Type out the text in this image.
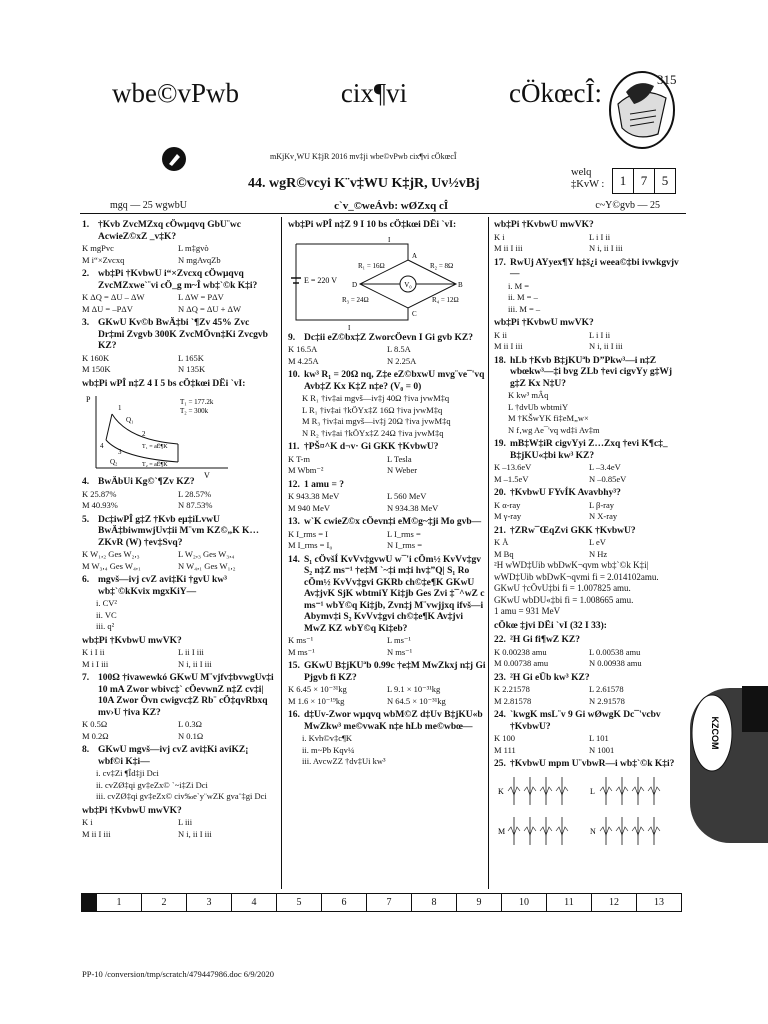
wbe©vPwb	cix¶vi	cÖkœcÎ:	315
mKjKv¸WU K‡jR 2016 mv‡ji wbe©vPwb cix¶vi cÖkœcÎ
welq ‡KvW :	1	7	5
44. wgR©vcyi K¨v‡WU K‡jR, Uv½vBj
mgq — 25 wgwbU	c`v_©weÁvb: wØZxq cÎ	c~Y©gvb — 25
1. †Kvb ZvcMZxq cÖwµqvq GbU¨wc AcwieZ©xZ _v‡K?
K mgPvc	L m‡gvò
M i“×Zvcxq	N mgAvqZb
2. wb‡Pi †KvbwU i“×Zvcxq cÖwµqvq ZvcMZxwe`¨vi cÖ_g m~Î wb‡`©k K‡i?
K ΔQ = ΔU – ΔW	L ΔW = PΔV
M ΔU = –PΔV	N ΔQ = ΔU + ΔW
3. GKwU Kv©b BwÄ‡bi `¶Zv 45% Zvc Dr‡mi Zvgvb 300K ZvcMÖvn‡Ki Zvcgvb KZ?
K 160K	L 165K
M 150K	N 135K
wb‡Pi wPÎ n‡Z 4 I 5 bs cÖ‡kœi DËi `vI:
P
V
1
2
3
4
Q₁
Q₂
T₁ = 177.2k
T₂ = 300k
T₁ = aË¶K
T₂ = aË¶K
4. BwÄbUi Kg©`¶Zv KZ?
K 25.87%	L 28.57%
M 40.93%	N 87.53%
5. Dc‡iwPÎ g‡Z †Kvb eµ‡iLvwU BwÄ‡biwmwjUv‡ii M¨vm KZ©„K K…ZKvR (W) †ev‡Svq?
K W₁,₂ Ges W₂,₃	L W₂,₃ Ges W₃,₄
M W₃,₄ Ges W₄,₁	N W₄,₁ Ges W₁,₂
6. mgvš—ivj cvZ avi‡Ki †gvU kw³ wb‡`©kKvix mgxKiY—
i. CV²
ii. VC
iii. q²
wb‡Pi †KvbwU mwVK?
K i I ii	L ii I iii
M i I iii	N i, ii I iii
7. 100Ω †ivawewkó GKwU M¨vjfv‡bvwgUv‡i 10 mA Zwor wbivc‡` cÖevwnZ n‡Z cv‡i| 10A Zwor Övn cwigvc‡Z Rb¨ cÖ‡qvRbxq mv›U †iva KZ?
K 0.5Ω	L 0.3Ω
M 0.2Ω	N 0.1Ω
8. GKwU mgvš—ivj cvZ avi‡Ki aviKZ¡ wbf©i K‡i—
i. cv‡Zi ¶Îd‡ji Dci
ii. cvZØ‡qi gv‡eZx© `~i‡Zi Dci
iii. cvZØ‡qi gv‡eZx© civ‰e`y¨wZK gva¨‡gi Dci
wb‡Pi †KvbwU mwVK?
K i	L iii
M ii I iii	N i, ii I iii
wb‡Pi wPÎ n‡Z 9 I 10 bs cÖ‡kœi DËi `vI:
E = 220 V	V₀
R₁ = 16Ω	R₂ = 8Ω
R₃ = 24Ω	R₄ = 12Ω
A
B
C
D
I
I
9. Dc‡ii eZ©bx‡Z ZworcÖevn I Gi gvb KZ?
K 16.5A	L 8.5A
M 4.25A	N 2.25A
10. kw³ R₁ = 20Ω nq, Z‡e eZ©bxwU mvg¨ve¯'vq Avb‡Z Kx K‡Z n‡e? (V₀ = 0)
K R₁ †iv‡ai mgvš—iv‡j 40Ω †iva jvwM‡q
L R₁ †iv‡ai †kÖYx‡Z 16Ω †iva jvwM‡q
M R₃ †iv‡ai mgvš—iv‡j 20Ω †iva jvwM‡q
N R₂ †iv‡ai †kÖYx‡Z 24Ω †iva jvwM‡q
11. †PŠ¤^K d¬v· Gi GKK †KvbwU?
K T-m	L Tesla
M Wbm⁻²	N Weber
12. 1 amu = ?
K 943.38 MeV	L 560 MeV
M 940 MeV	N 934.38 MeV
13. w`K cwieZ©x cÖevn‡i eM©g~‡ji Mo gvb—
K I_rms = I	L I_rms =
M I_rms = I₀	N I_rms =
14. S₁ cÖvšÍ KvVv‡gvwU w¯'i cÖm½ KvVv‡gv S₂ n‡Z ms⁻¹ †e‡M `~‡i m‡i hv‡”Q| S₁ Ro cÖm½ KvVv‡gvi GKRb ch©‡e¶K GKwU Av‡jvK SjK wbtmiY Ki‡jb Ges Zvi ‡¯^wZ c ms⁻¹ wbY©q Ki‡jb, Zvn‡j M¨vwjjxq ifvš—i Abymv‡i S₂ KvVv‡gvi ch©‡e¶K Av‡jvi MwZ KZ wbY©q Ki‡eb?
K ms⁻¹	L ms⁻¹
M ms⁻¹	N ms⁻¹
15. GKwU B‡jKUªb 0.99c †e‡M MwZkxj n‡j Gi Pjgvb fi KZ?
K 6.45 × 10⁻³¹kg	L 9.1 × 10⁻³¹kg
M 1.6 × 10⁻¹⁹kg	N 64.5 × 10⁻³¹kg
16. d‡Uv-Zwor wµqvq wbM©Z d‡Uv B‡jKU«b MwZkw³ me©vwaK n‡e hLb me©wbœ—
i. Kvh©v‡c¶K
ii. m~Pb Kqv¼
iii. AvcwZZ †dv‡Ui kw³
wb‡Pi †KvbwU mwVK?
K i	L i I ii
M ii I iii	N i, ii I iii
17. RwUj AYyex¶Y h‡š¿i weea©‡bi ivwkgvjv—
i. M =
ii. M = –
iii. M = –
wb‡Pi †KvbwU mwVK?
K ii	L i I ii
M ii I iii	N i, ii I iii
18. hLb †Kvb B‡jKUªb D”Pkw³—i n‡Z wbœkw³—‡i bvg ZLb †evi cigvYy g‡Wj g‡Z Kx N‡U?
K kw³ mÂq
L †dvUb wbtmiY
M †KŠwYK fi‡eM„w×
N f‚wg Ae¯'vq wd‡i Av‡m
19. mB‡W‡iR cigvYyi Z…Zxq †evi K¶c‡_ B‡jKU«‡bi kw³ KZ?
K –13.6eV	L –3.4eV
M –1.5eV	N –0.85eV
20. †KvbwU FYvÍK Avavbhy³?
K α-ray	L β-ray
M γ-ray	N X-ray
21. †ZRw¯ŒqZvi GKK †KvbwU?
K Å	L eV
M Bq	N Hz
²H wWD‡Uib wbDwK¬qvm wb‡`©k K‡i|
wWD‡Uib wbDwK¬qvmi fi = 2.014102amu.
GKwU †cÖvU‡bi fi = 1.007825 amu.
GKwU wbDU«‡bi fi = 1.008665 amu.
1 amu = 931 MeV
cÖkœ ‡jvi DËi `vI (32 I 33):
22. ²H Gi fi¶wZ KZ?
K 0.00238 amu	L 0.00538 amu
M 0.00738 amu	N 0.00938 amu
23. ²H Gi eÜb kw³ KZ?
K 2.21578	L 2.61578
M 2.81578	N 2.91578
24. `kwgK msL¨v 9 Gi wØwgK Dc¯'vcbv †KvbwU?
K 100	L 101
M 111	N 1001
25. †KvbwU mpm U¨vbwR—i wb‡`©k K‡i?
K	L
M	N
KZCOM
1	2	3	4	5	6	7	8	9	10	11	12	13
PP-10 /conversion/tmp/scratch/479447986.doc 6/9/2020
